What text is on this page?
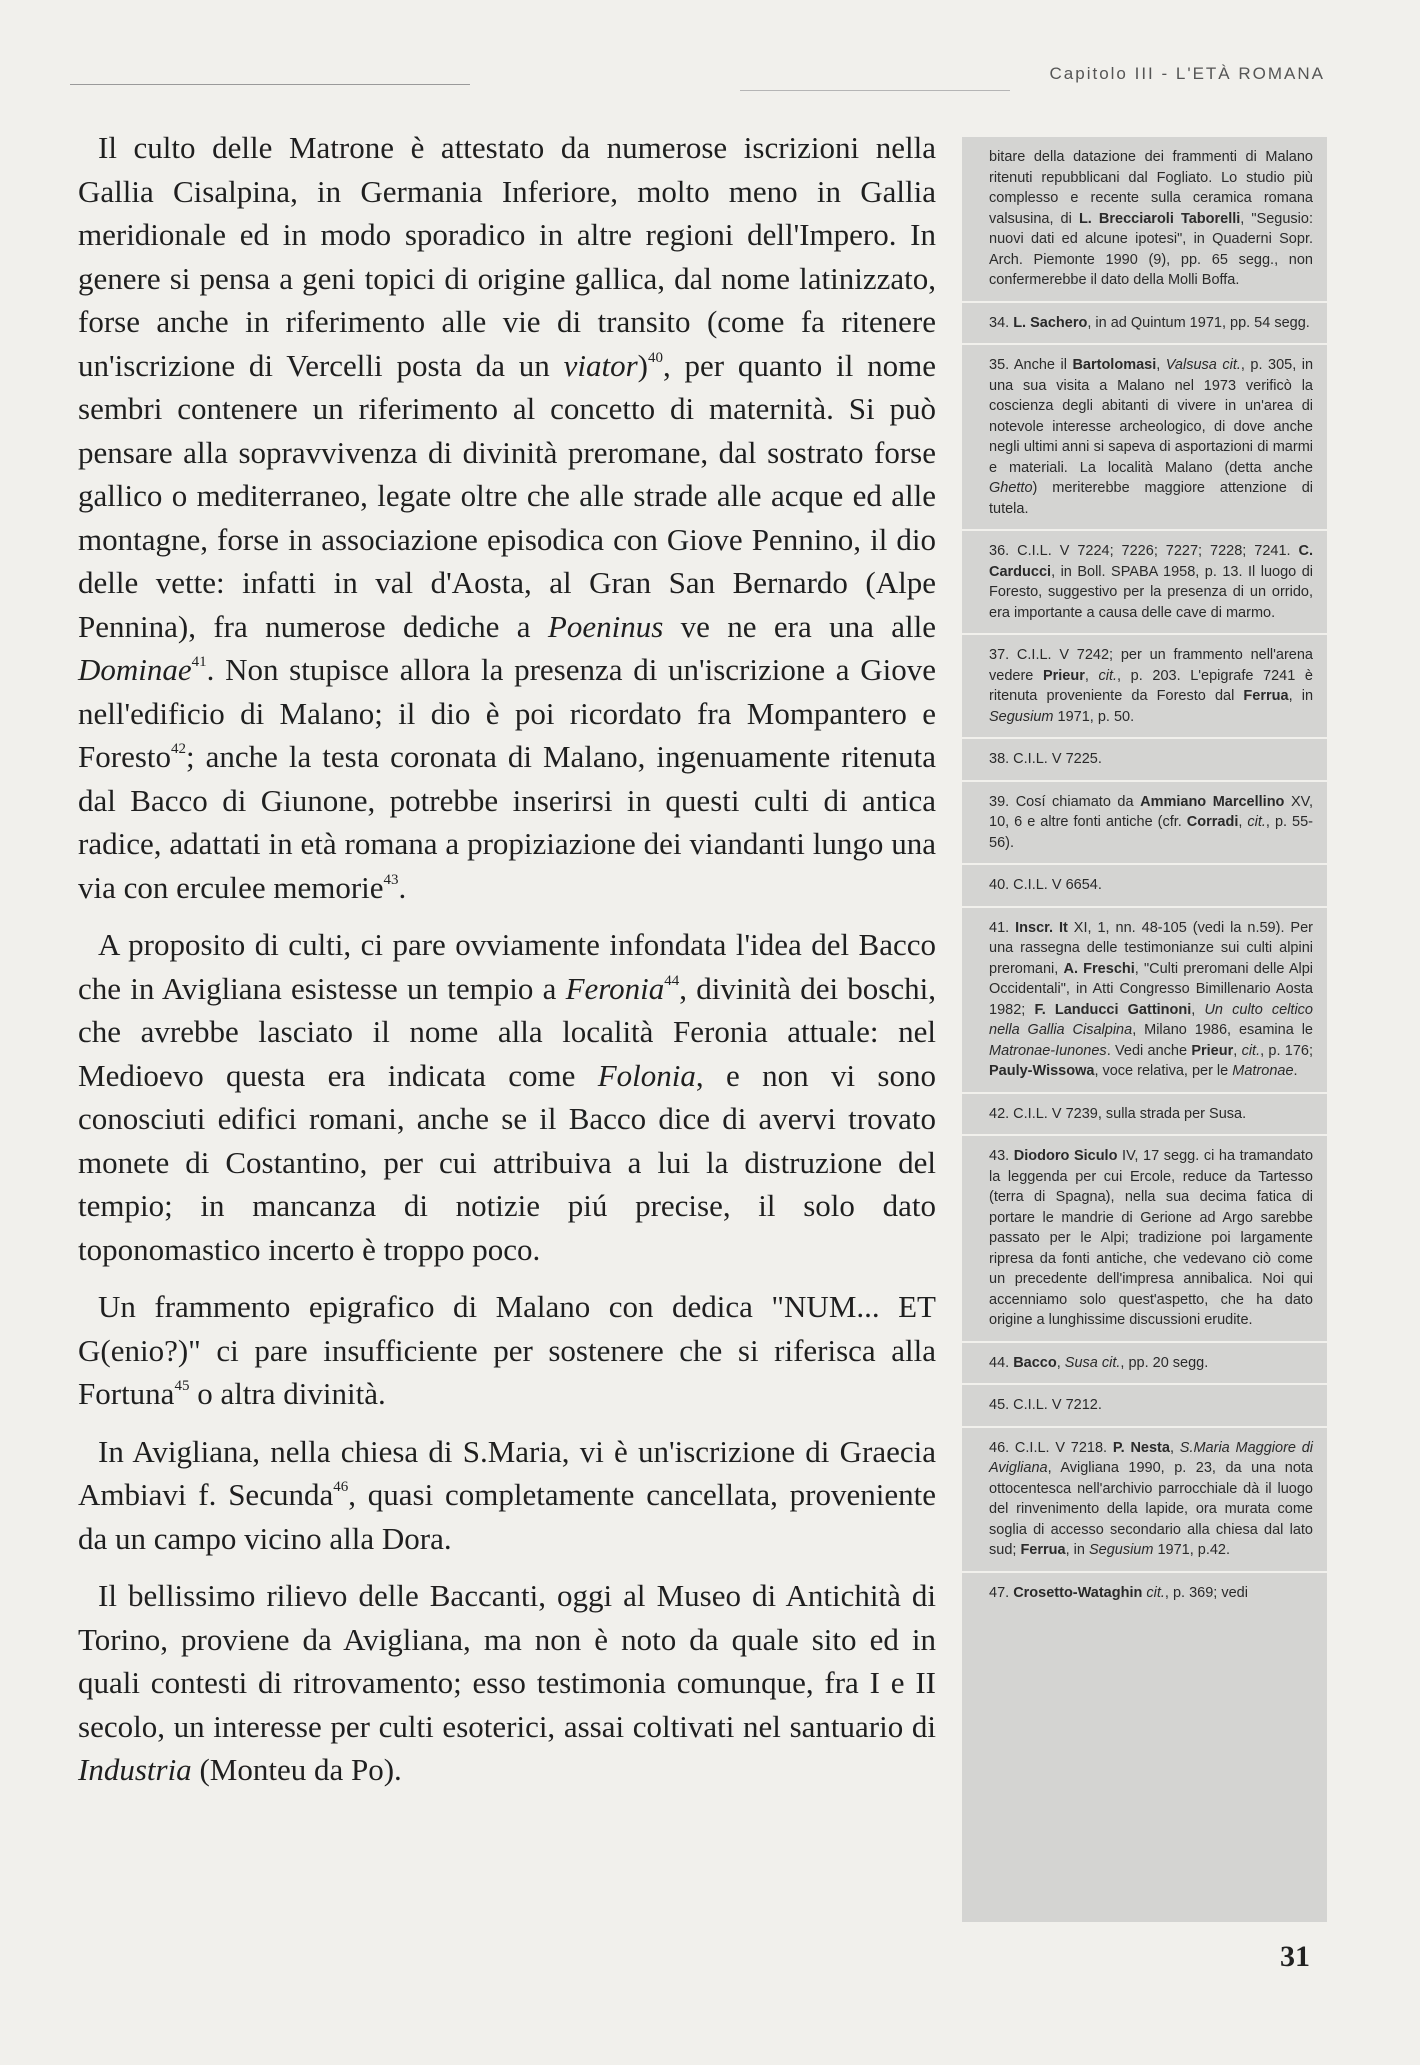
Capitolo III - L'ETÀ ROMANA

Il culto delle Matrone è attestato da numerose iscrizioni nella Gallia Cisalpina, in Germania Inferiore, molto meno in Gallia meridionale ed in modo sporadico in altre regioni dell'Impero. In genere si pensa a geni topici di origine gallica, dal nome latinizzato, forse anche in riferimento alle vie di transito (come fa ritenere un'iscrizione di Vercelli posta da un viator)$^{40}$, per quanto il nome sembri contenere un riferimento al concetto di maternità. Si può pensare alla sopravvivenza di divinità preromane, dal sostrato forse gallico o mediterraneo, legate oltre che alle strade alle acque ed alle montagne, forse in associazione episodica con Giove Pennino, il dio delle vette: infatti in val d'Aosta, al Gran San Bernardo (Alpe Pennina), fra numerose dediche a Poeninus ve ne era una alle Dominae$^{41}$. Non stupisce allora la presenza di un'iscrizione a Giove nell'edificio di Malano; il dio è poi ricordato fra Mompantero e Foresto$^{42}$; anche la testa coronata di Malano, ingenuamente ritenuta dal Bacco di Giunone, potrebbe inserirsi in questi culti di antica radice, adattati in età romana a propiziazione dei viandanti lungo una via con erculee memorie$^{43}$.

A proposito di culti, ci pare ovviamente infondata l'idea del Bacco che in Avigliana esistesse un tempio a Feronia$^{44}$, divinità dei boschi, che avrebbe lasciato il nome alla località Feronia attuale: nel Medioevo questa era indicata come Folonia, e non vi sono conosciuti edifici romani, anche se il Bacco dice di avervi trovato monete di Costantino, per cui attribuiva a lui la distruzione del tempio; in mancanza di notizie piú precise, il solo dato toponomastico incerto è troppo poco.

Un frammento epigrafico di Malano con dedica "NUM... ET G(enio?)" ci pare insufficiente per sostenere che si riferisca alla Fortuna$^{45}$ o altra divinità.

In Avigliana, nella chiesa di S.Maria, vi è un'iscrizione di Graecia Ambiavi f. Secunda$^{46}$, quasi completamente cancellata, proveniente da un campo vicino alla Dora.

Il bellissimo rilievo delle Baccanti, oggi al Museo di Antichità di Torino, proviene da Avigliana, ma non è noto da quale sito ed in quali contesti di ritrovamento; esso testimonia comunque, fra I e II secolo, un interesse per culti esoterici, assai coltivati nel santuario di Industria (Monteu da Po).

bitare della datazione dei frammenti di Malano ritenuti repubblicani dal Fogliato. Lo studio più complesso e recente sulla ceramica romana valsusina, di L. Brecciaroli Taborelli, "Segusio: nuovi dati ed alcune ipotesi", in Quaderni Sopr. Arch. Piemonte 1990 (9), pp. 65 segg., non confermerebbe il dato della Molli Boffa.
34. L. Sachero, in ad Quintum 1971, pp. 54 segg.
35. Anche il Bartolomasi, Valsusa cit., p. 305, in una sua visita a Malano nel 1973 verificò la coscienza degli abitanti di vivere in un'area di notevole interesse archeologico, di dove anche negli ultimi anni si sapeva di asportazioni di marmi e materiali. La località Malano (detta anche Ghetto) meriterebbe maggiore attenzione di tutela.
36. C.I.L. V 7224; 7226; 7227; 7228; 7241. C. Carducci, in Boll. SPABA 1958, p. 13. Il luogo di Foresto, suggestivo per la presenza di un orrido, era importante a causa delle cave di marmo.
37. C.I.L. V 7242; per un frammento nell'arena vedere Prieur, cit., p. 203. L'epigrafe 7241 è ritenuta proveniente da Foresto dal Ferrua, in Segusium 1971, p. 50.
38. C.I.L. V 7225.
39. Cosí chiamato da Ammiano Marcellino XV, 10, 6 e altre fonti antiche (cfr. Corradi, cit., p. 55-56).
40. C.I.L. V 6654.
41. Inscr. It XI, 1, nn. 48-105 (vedi la n.59). Per una rassegna delle testimonianze sui culti alpini preromani, A. Freschi, "Culti preromani delle Alpi Occidentali", in Atti Congresso Bimillenario Aosta 1982; F. Landucci Gattinoni, Un culto celtico nella Gallia Cisalpina, Milano 1986, esamina le Matronae-Iunones. Vedi anche Prieur, cit., p. 176; Pauly-Wissowa, voce relativa, per le Matronae.
42. C.I.L. V 7239, sulla strada per Susa.
43. Diodoro Siculo IV, 17 segg. ci ha tramandato la leggenda per cui Ercole, reduce da Tartesso (terra di Spagna), nella sua decima fatica di portare le mandrie di Gerione ad Argo sarebbe passato per le Alpi; tradizione poi largamente ripresa da fonti antiche, che vedevano ciò come un precedente dell'impresa annibalica. Noi qui accenniamo solo quest'aspetto, che ha dato origine a lunghissime discussioni erudite.
44. Bacco, Susa cit., pp. 20 segg.
45. C.I.L. V 7212.
46. C.I.L. V 7218. P. Nesta, S.Maria Maggiore di Avigliana, Avigliana 1990, p. 23, da una nota ottocentesca nell'archivio parrocchiale dà il luogo del rinvenimento della lapide, ora murata come soglia di accesso secondario alla chiesa dal lato sud; Ferrua, in Segusium 1971, p.42.
47. Crosetto-Wataghin cit., p. 369; vedi
31
